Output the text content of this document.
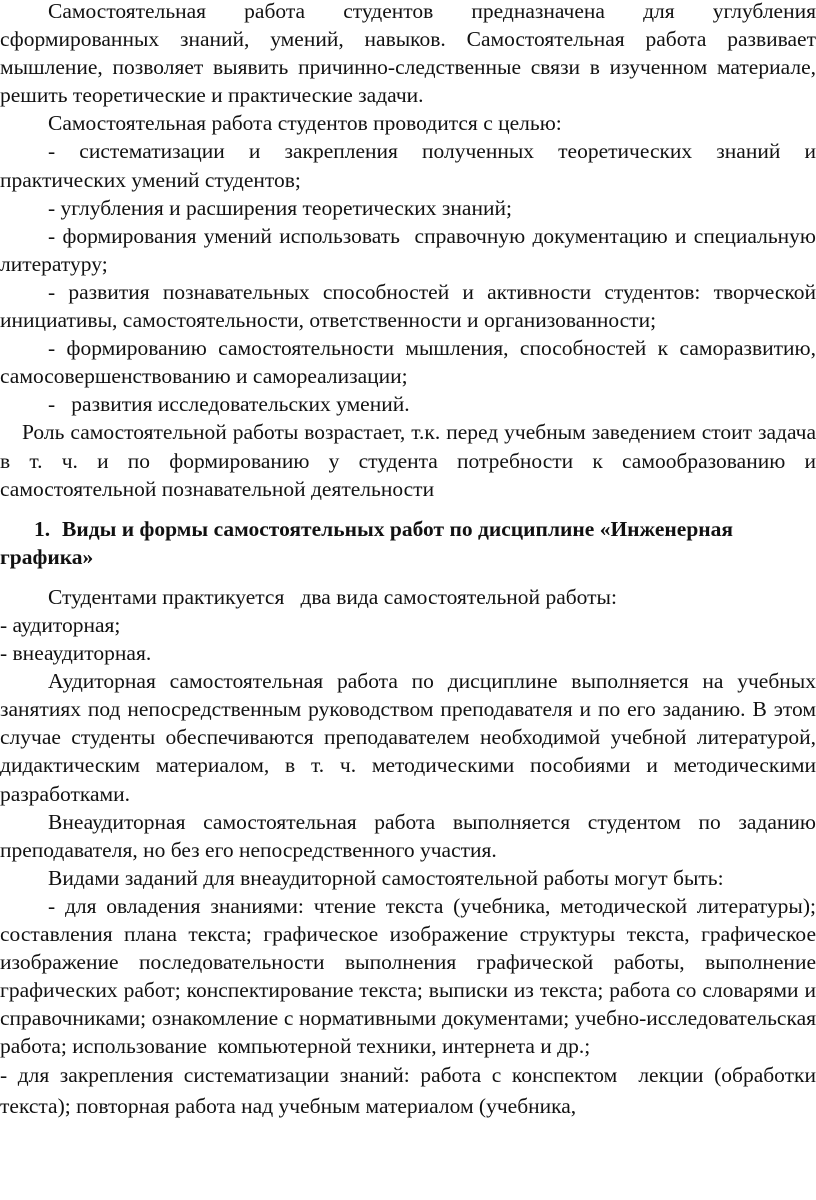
Самостоятельная работа студентов предназначена для углубления сформированных знаний, умений, навыков. Самостоятельная работа развивает мышление, позволяет выявить причинно-следственные связи в изученном материале, решить теоретические и практические задачи.

Самостоятельная работа студентов проводится с целью:

- систематизации и закрепления полученных теоретических знаний и практических умений студентов;

- углубления и расширения теоретических знаний;

- формирования умений использовать  справочную документацию и специальную литературу;

- развития познавательных способностей и активности студентов: творческой инициативы, самостоятельности, ответственности и организованности;

- формированию самостоятельности мышления, способностей к саморазвитию, самосовершенствованию и самореализации;

-   развития исследовательских умений.

Роль самостоятельной работы возрастает, т.к. перед учебным заведением стоит задача в т. ч. и по формированию у студента потребности к самообразованию и самостоятельной познавательной деятельности

1. Виды и формы самостоятельных работ по дисциплине «Инженерная графика»

Студентами практикуется   два вида самостоятельной работы:

- аудиторная;

- внеаудиторная.

Аудиторная самостоятельная работа по дисциплине выполняется на учебных занятиях под непосредственным руководством преподавателя и по его заданию. В этом случае студенты обеспечиваются преподавателем необходимой учебной литературой, дидактическим материалом, в т. ч. методическими пособиями и методическими разработками.

Внеаудиторная самостоятельная работа выполняется студентом по заданию преподавателя, но без его непосредственного участия.

Видами заданий для внеаудиторной самостоятельной работы могут быть:

- для овладения знаниями: чтение текста (учебника, методической литературы); составления плана текста; графическое изображение структуры текста, графическое изображение последовательности выполнения графической работы, выполнение графических работ; конспектирование текста; выписки из текста; работа со словарями и справочниками; ознакомление с нормативными документами; учебно-исследовательская работа; использование  компьютерной техники, интернета и др.;

- для закрепления систематизации знаний: работа с конспектом  лекции (обработки текста); повторная работа над учебным материалом (учебника,
